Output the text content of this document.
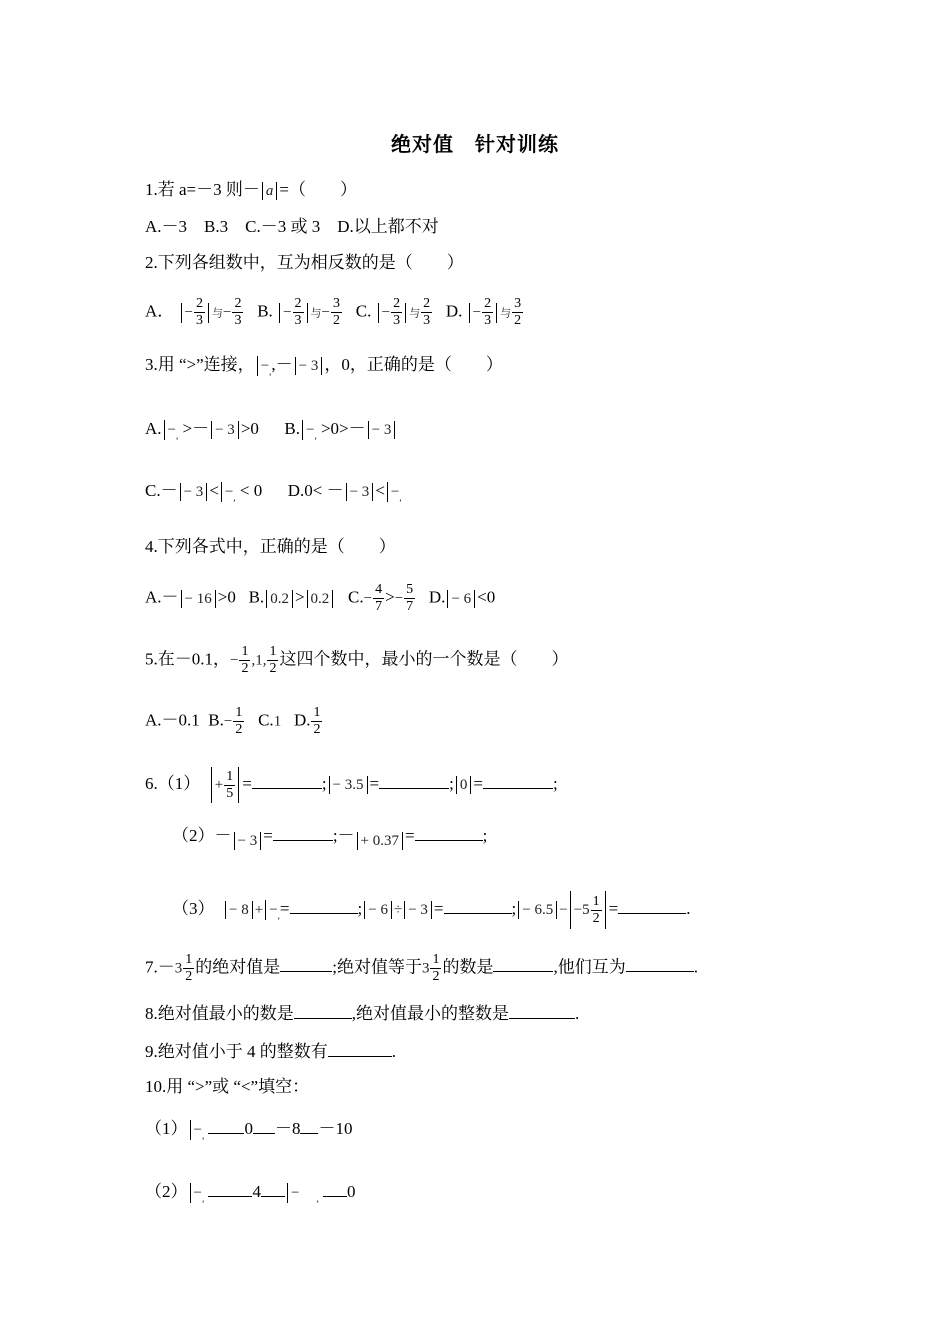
绝对值　针对训练
1.若 a=－3 则－ a =（　　）
A.－3　B.3　C.－3 或 3　D.以上都不对
2.下列各组数中，互为相反数的是（　　）
A． − $\frac{2}{3}$ 与− $\frac{2}{3} B$. − $\frac{2}{3}$ 与− $\frac{3}{2} C$. − $\frac{2}{3}$ 与 $\frac{2}{3} D$. − $\frac{2}{3}$ 与 $\frac{3}{2}$
3.用 “>”连接， $-_,,- - 3$ ，0，正确的是（　　）
A. $-_,$ >－ − 3 >0 B. $-_, >0>- - 3$
$C.- - 3 < -_, < 0$ D.0< － − $3 < -_,$
4.下列各式中，正确的是（　　）
A.－ − 16 >0 B. 0.2 > 0.2 $C.- \frac{4}{7} >- \frac{5}{7} D$. − 6 <0
5.在－0.1，− $\frac{1}{2} ,1$, $\frac{1}{2}$ 这四个数中，最小的一个数是（　　）
A.－0.1 $B.- \frac{1}{2} C.1$ D. $\frac{1}{2}$
$6.(1) + \frac{1}{5}$ =	; − 3.5 =	; 0 =	;
（2）－ − 3 =	;－ + 0.37 =	;
$(3) - 8 + -_,=$	; − 6 ÷ − 3 =	; − $6.5 - -5 \frac{1}{2}$ =	.
$7.-3 \frac{1}{2}$ 的绝对值是	;绝对值等于$3 \frac{1}{2}$ 的数是	,他们互为	.
8.绝对值最小的数是	,绝对值最小的整数是	.
9.绝对值小于 4 的整数有	.
10.用 “>”或 “<”填空：
$(1) -_,$ 0 －8 －10
$(2) -_,$	4 − $_,$ 0
